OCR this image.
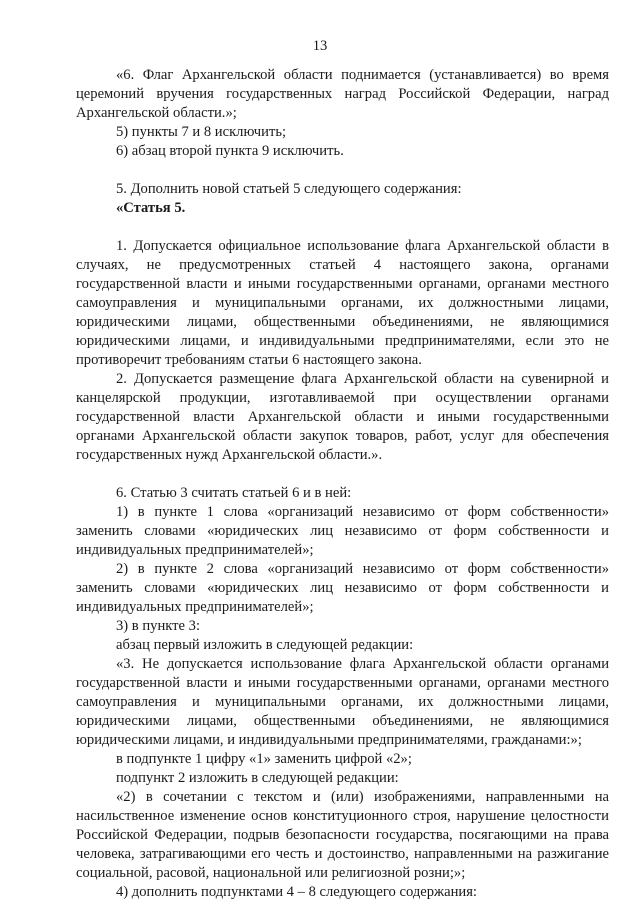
13

«6. Флаг Архангельской области поднимается (устанавливается) во время церемоний вручения государственных наград Российской Федерации, наград Архангельской области.»;

5) пункты 7 и 8 исключить;

6) абзац второй пункта 9 исключить.

5. Дополнить новой статьей 5 следующего содержания:

«Статья 5.

1. Допускается официальное использование флага Архангельской области в случаях, не предусмотренных статьей 4 настоящего закона, органами государственной власти и иными государственными органами, органами местного самоуправления и муниципальными органами, их должностными лицами, юридическими лицами, общественными объединениями, не являющимися юридическими лицами, и индивидуальными предпринимателями, если это не противоречит требованиям статьи 6 настоящего закона.

2. Допускается размещение флага Архангельской области на сувенирной и канцелярской продукции, изготавливаемой при осуществлении органами государственной власти Архангельской области и иными государственными органами Архангельской области закупок товаров, работ, услуг для обеспечения государственных нужд Архангельской области.».

6. Статью 3 считать статьей 6 и в ней:

1) в пункте 1 слова «организаций независимо от форм собственности» заменить словами «юридических лиц независимо от форм собственности и индивидуальных предпринимателей»;

2) в пункте 2 слова «организаций независимо от форм собственности» заменить словами «юридических лиц независимо от форм собственности и индивидуальных предпринимателей»;

3) в пункте 3:

абзац первый изложить в следующей редакции:

«3. Не допускается использование флага Архангельской области органами государственной власти и иными государственными органами, органами местного самоуправления и муниципальными органами, их должностными лицами, юридическими лицами, общественными объединениями, не являющимися юридическими лицами, и индивидуальными предпринимателями, гражданами:»;

в подпункте 1 цифру «1» заменить цифрой «2»;

подпункт 2 изложить в следующей редакции:

«2) в сочетании с текстом и (или) изображениями, направленными на насильственное изменение основ конституционного строя, нарушение целостности Российской Федерации, подрыв безопасности государства, посягающими на права человека, затрагивающими его честь и достоинство, направленными на разжигание социальной, расовой, национальной или религиозной розни;»;

4) дополнить подпунктами 4 – 8 следующего содержания:
